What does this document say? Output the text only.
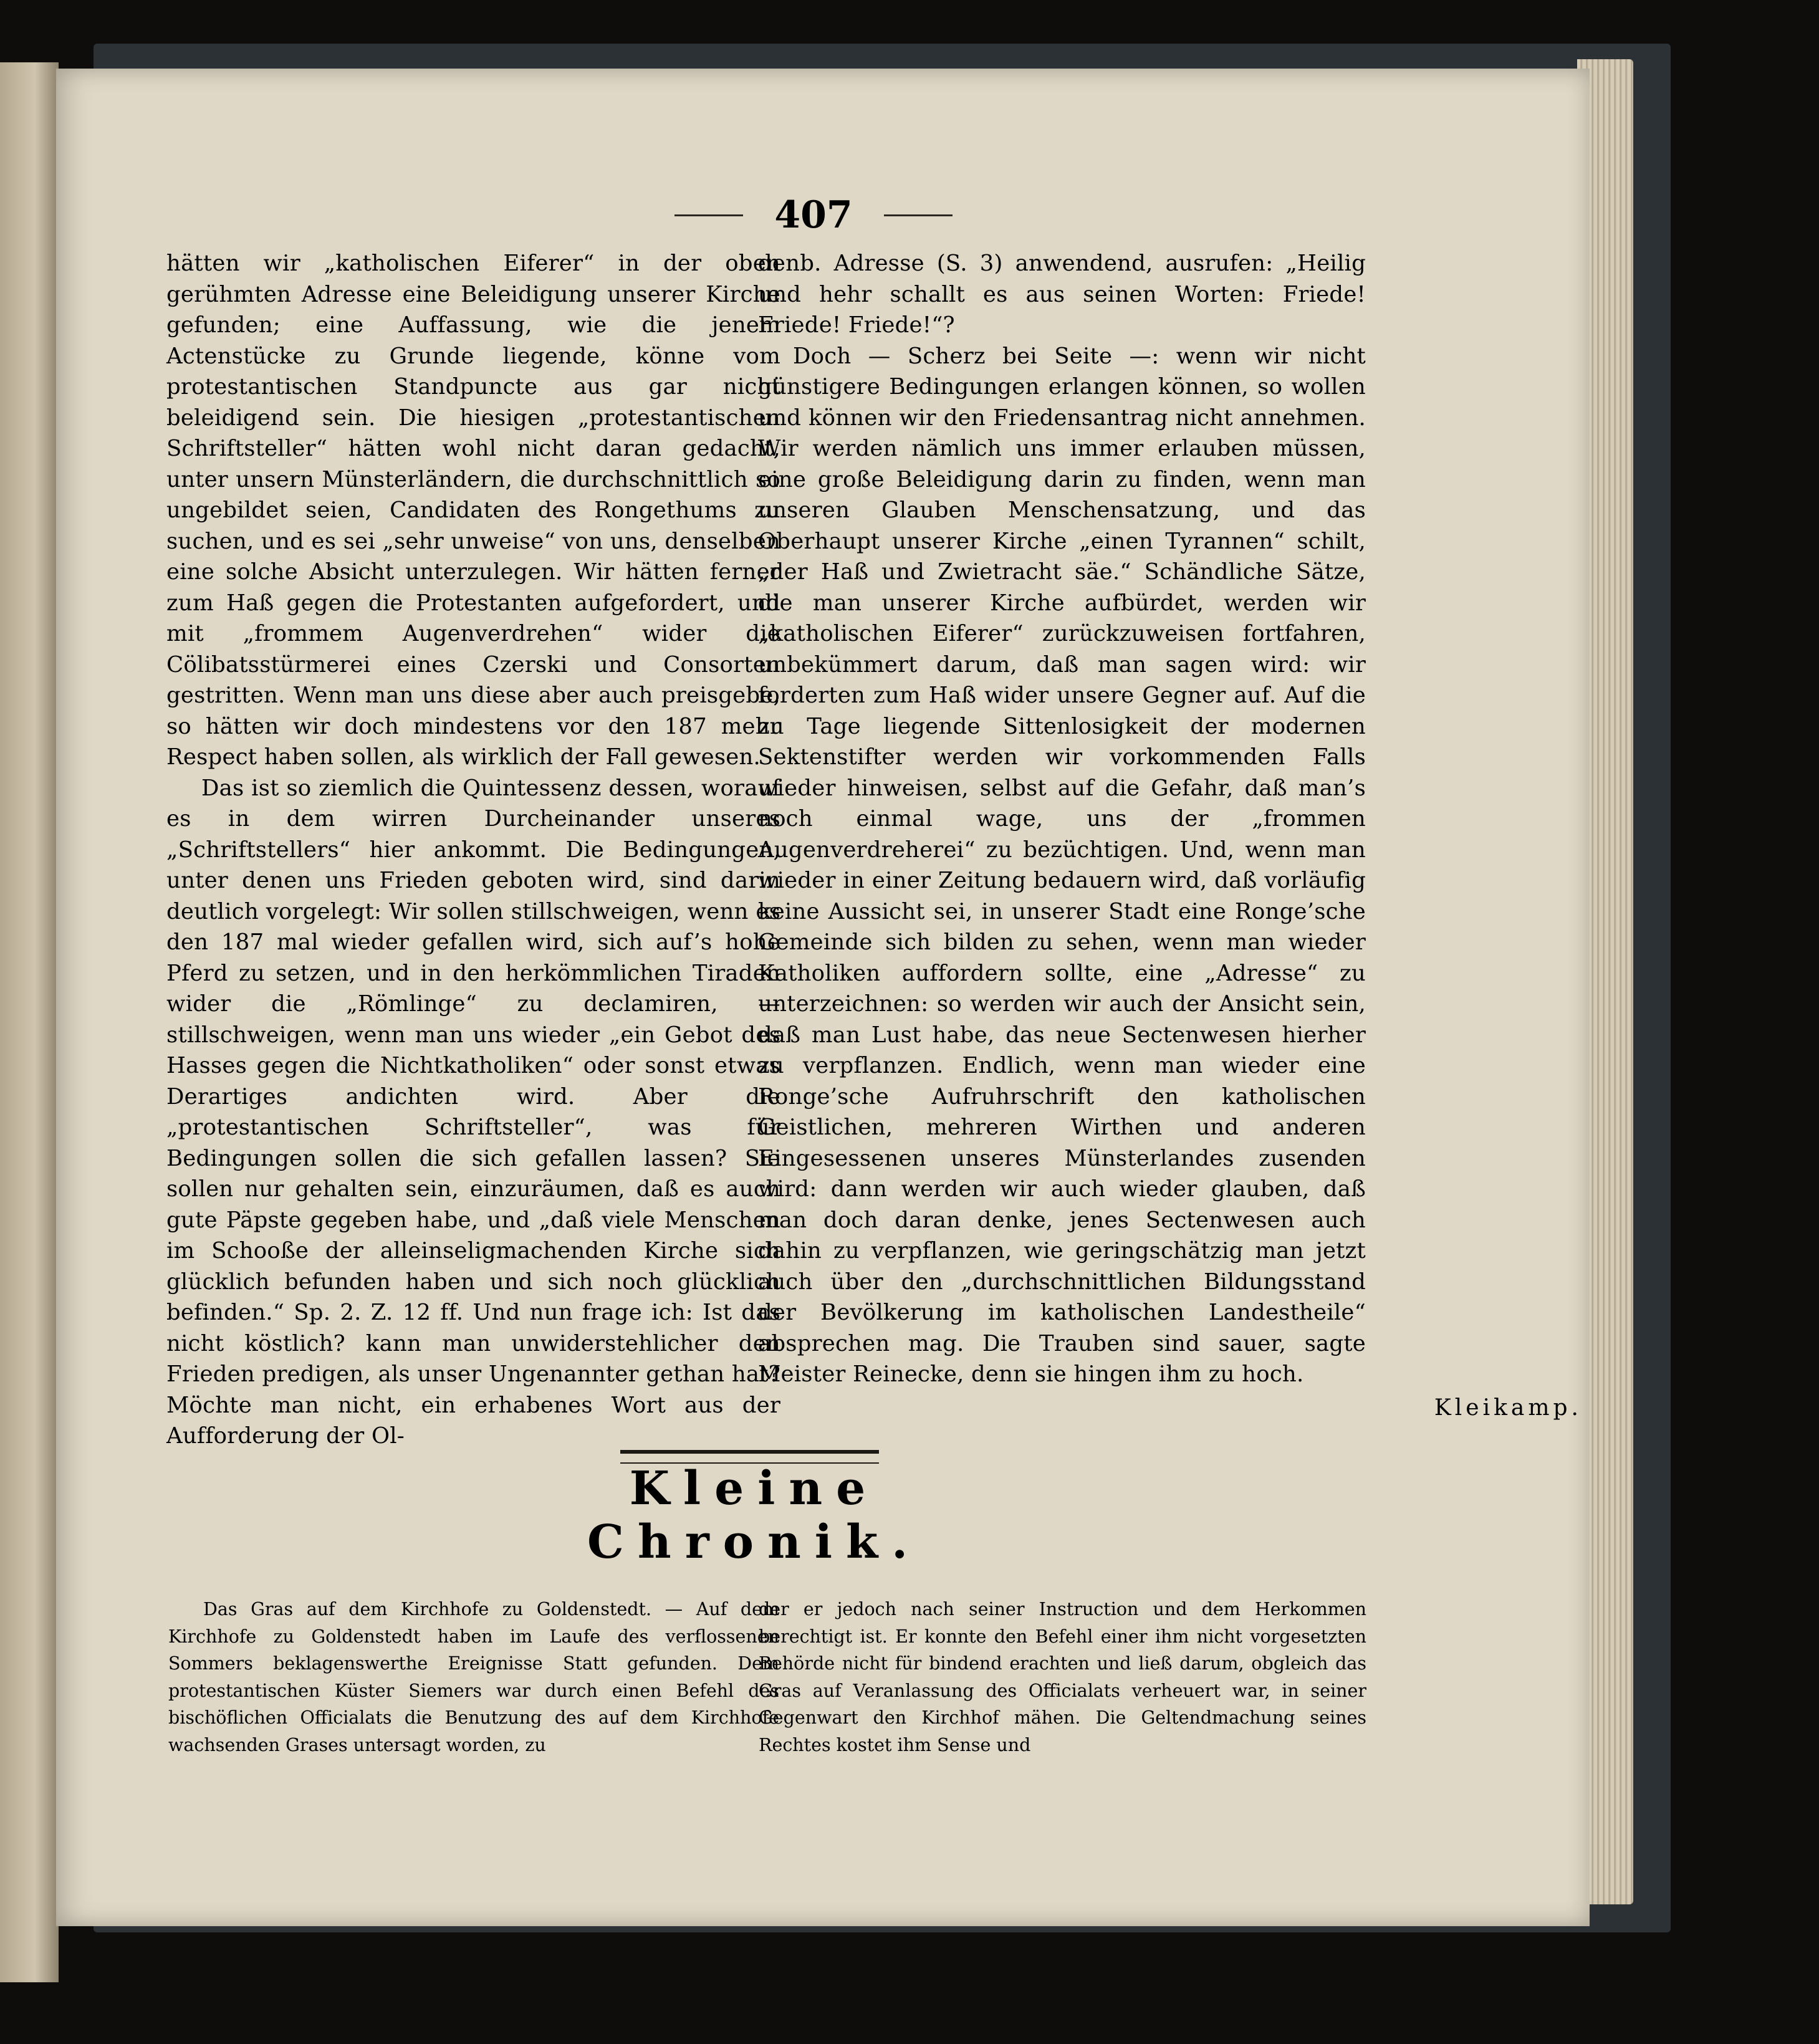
407

hätten wir „katholischen Eiferer“ in der oben gerühmten Adresse eine Beleidigung unserer Kirche gefunden; eine Auffassung, wie die jenem Actenstücke zu Grunde liegende, könne vom protestantischen Standpuncte aus gar nicht beleidigend sein. Die hiesigen „protestantischen Schriftsteller“ hätten wohl nicht daran gedacht, unter unsern Münsterländern, die durchschnittlich so ungebildet seien, Candidaten des Rongethums zu suchen, und es sei „sehr unweise“ von uns, denselben eine solche Absicht unterzulegen. Wir hätten ferner zum Haß gegen die Protestanten aufgefordert, und mit „frommem Augenverdrehen“ wider die Cölibatsstürmerei eines Czerski und Consorten gestritten. Wenn man uns diese aber auch preisgebe, so hätten wir doch mindestens vor den 187 mehr Respect haben sollen, als wirklich der Fall gewesen.

Das ist so ziemlich die Quintessenz dessen, worauf es in dem wirren Durcheinander unseres „Schriftstellers“ hier ankommt. Die Bedingungen, unter denen uns Frieden geboten wird, sind darin deutlich vorgelegt: Wir sollen stillschweigen, wenn es den 187 mal wieder gefallen wird, sich auf’s hohe Pferd zu setzen, und in den herkömmlichen Tiraden wider die „Römlinge“ zu declamiren, — stillschweigen, wenn man uns wieder „ein Gebot des Hasses gegen die Nichtkatholiken“ oder sonst etwas Derartiges andichten wird. Aber die „protestantischen Schriftsteller“, was für Bedingungen sollen die sich gefallen lassen? Sie sollen nur gehalten sein, einzuräumen, daß es auch gute Päpste gegeben habe, und „daß viele Menschen im Schooße der alleinseligmachenden Kirche sich glücklich befunden haben und sich noch glücklich befinden.“ Sp. 2. Z. 12 ff. Und nun frage ich: Ist das nicht köstlich? kann man unwiderstehlicher den Frieden predigen, als unser Ungenannter gethan hat? Möchte man nicht, ein erhabenes Wort aus der Aufforderung der Ol-

denb. Adresse (S. 3) anwendend, ausrufen: „Heilig und hehr schallt es aus seinen Worten: Friede! Friede! Friede!“?

Doch — Scherz bei Seite —: wenn wir nicht günstigere Bedingungen erlangen können, so wollen und können wir den Friedensantrag nicht annehmen. Wir werden nämlich uns immer erlauben müssen, eine große Beleidigung darin zu finden, wenn man unseren Glauben Menschensatzung, und das Oberhaupt unserer Kirche „einen Tyrannen“ schilt, „der Haß und Zwietracht säe.“ Schändliche Sätze, die man unserer Kirche aufbürdet, werden wir „katholischen Eiferer“ zurückzuweisen fortfahren, unbekümmert darum, daß man sagen wird: wir forderten zum Haß wider unsere Gegner auf. Auf die zu Tage liegende Sittenlosigkeit der modernen Sektenstifter werden wir vorkommenden Falls wieder hinweisen, selbst auf die Gefahr, daß man’s noch einmal wage, uns der „frommen Augenverdreherei“ zu bezüchtigen. Und, wenn man wieder in einer Zeitung bedauern wird, daß vorläufig keine Aussicht sei, in unserer Stadt eine Ronge’sche Gemeinde sich bilden zu sehen, wenn man wieder Katholiken auffordern sollte, eine „Adresse“ zu unterzeichnen: so werden wir auch der Ansicht sein, daß man Lust habe, das neue Sectenwesen hierher zu verpflanzen. Endlich, wenn man wieder eine Ronge’sche Aufruhrschrift den katholischen Geistlichen, mehreren Wirthen und anderen Eingesessenen unseres Münsterlandes zusenden wird: dann werden wir auch wieder glauben, daß man doch daran denke, jenes Sectenwesen auch dahin zu verpflanzen, wie geringschätzig man jetzt auch über den „durchschnittlichen Bildungsstand der Bevölkerung im katholischen Landestheile“ absprechen mag. Die Trauben sind sauer, sagte Meister Reinecke, denn sie hingen ihm zu hoch.

Kleikamp.
Kleine Chronik.

Das Gras auf dem Kirchhofe zu Goldenstedt. — Auf dem Kirchhofe zu Goldenstedt haben im Laufe des verflossenen Sommers beklagenswerthe Ereignisse Statt gefunden. Dem protestantischen Küster Siemers war durch einen Befehl des bischöflichen Officialats die Benutzung des auf dem Kirchhofe wachsenden Grases untersagt worden, zu

der er jedoch nach seiner Instruction und dem Herkommen berechtigt ist. Er konnte den Befehl einer ihm nicht vorgesetzten Behörde nicht für bindend erachten und ließ darum, obgleich das Gras auf Veranlassung des Officialats verheuert war, in seiner Gegenwart den Kirchhof mähen. Die Geltendmachung seines Rechtes kostet ihm Sense und
